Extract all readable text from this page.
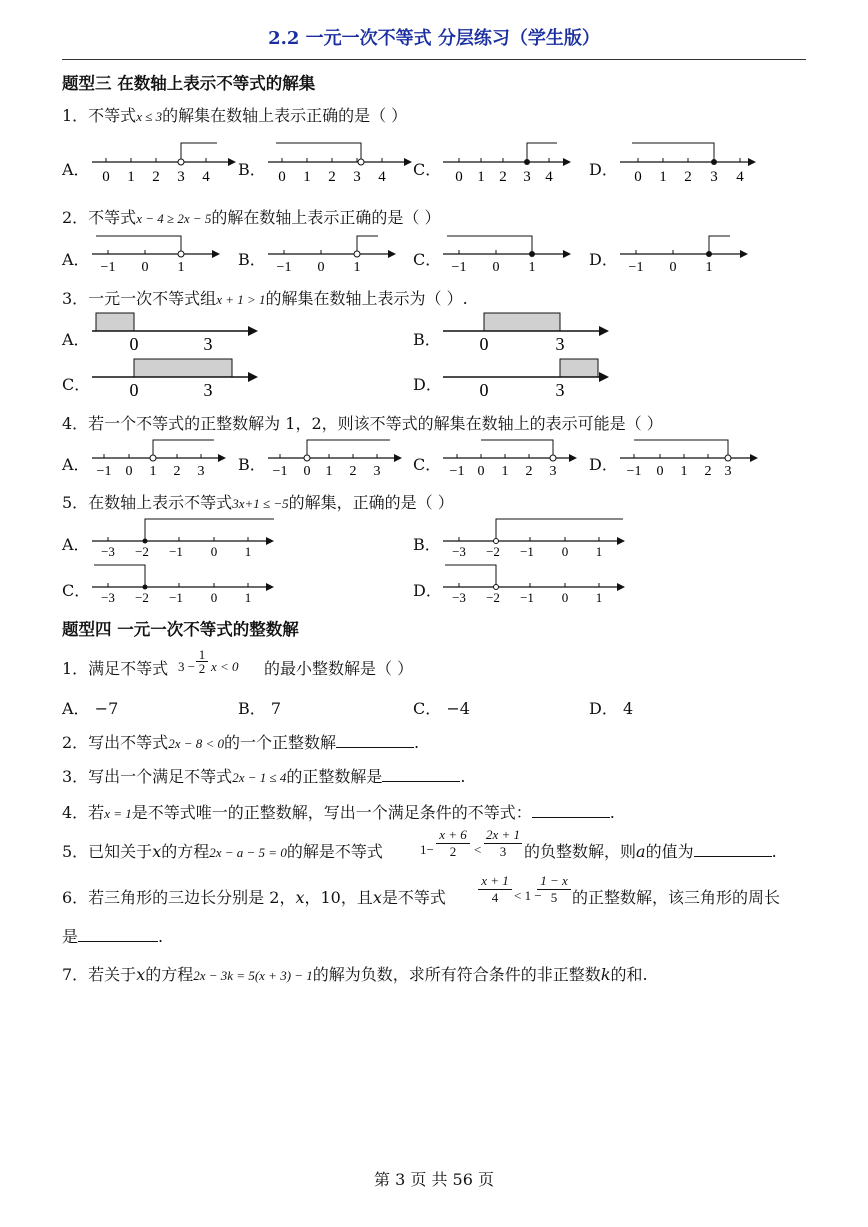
2.2 一元一次不等式 分层练习（学生版）
题型三 在数轴上表示不等式的解集
1．不等式x ≤ 3的解集在数轴上表示正确的是（ ）
A．	B．	C．	D．
0 1 2 3 4	0 1 2 3 4	0 1 2 3 4	0 1 2 3 4
2．不等式x − 4 ≥ 2x − 5的解在数轴上表示正确的是（ ）
A．	B．	C．	D．
−1 0 1	−1 0 1	−1 0 1	−1 0 1
3．一元一次不等式组x + 1 > 1的解集在数轴上表示为（ ）.
A．	B．
C．	D．
0	3	0	3
0	3	0	3
4．若一个不等式的正整数解为 1，2，则该不等式的解集在数轴上的表示可能是（ ）
A．	B．	C．	D．
−1 0 1 2 3	−1 0 1 2 3	−1 0 1 2 3	−1 0 1 2 3
5．在数轴上表示不等式3x+1 ≤ −5的解集，正确的是（ ）
A．	B．
C．	D．
−3 −2 −1 0 1	−3 −2 −1 0 1
−3 −2 −1 0 1	−3 −2 −1 0 1
题型四 一元一次不等式的整数解
1．满足不等式 3 −
1
2 x < 0 的最小整数解是（ ）
A． −7	B． 7	C． −4	D． 4
2．写出不等式2x − 8 < 0的一个正整数解	.
3．写出一个满足不等式2x − 1 ≤ 4的正整数解是	.
4．若x = 1是不等式唯一的正整数解，写出一个满足条件的不等式：	.
5．已知关于x的方程2x − a − 5 = 0的解是不等式	1−
x + 6
2	<
2x + 1
3	的负整数解，则a的值为	.
6．若三角形的三边长分别是 2，x，10，且x是不等式
x + 1
4	< 1 −
1 − x
5 的正整数解，该三角形的周长
是	.
7．若关于x的方程2x − 3k = 5(x + 3) − 1的解为负数，求所有符合条件的非正整数k的和.
第 3 页 共 56 页
